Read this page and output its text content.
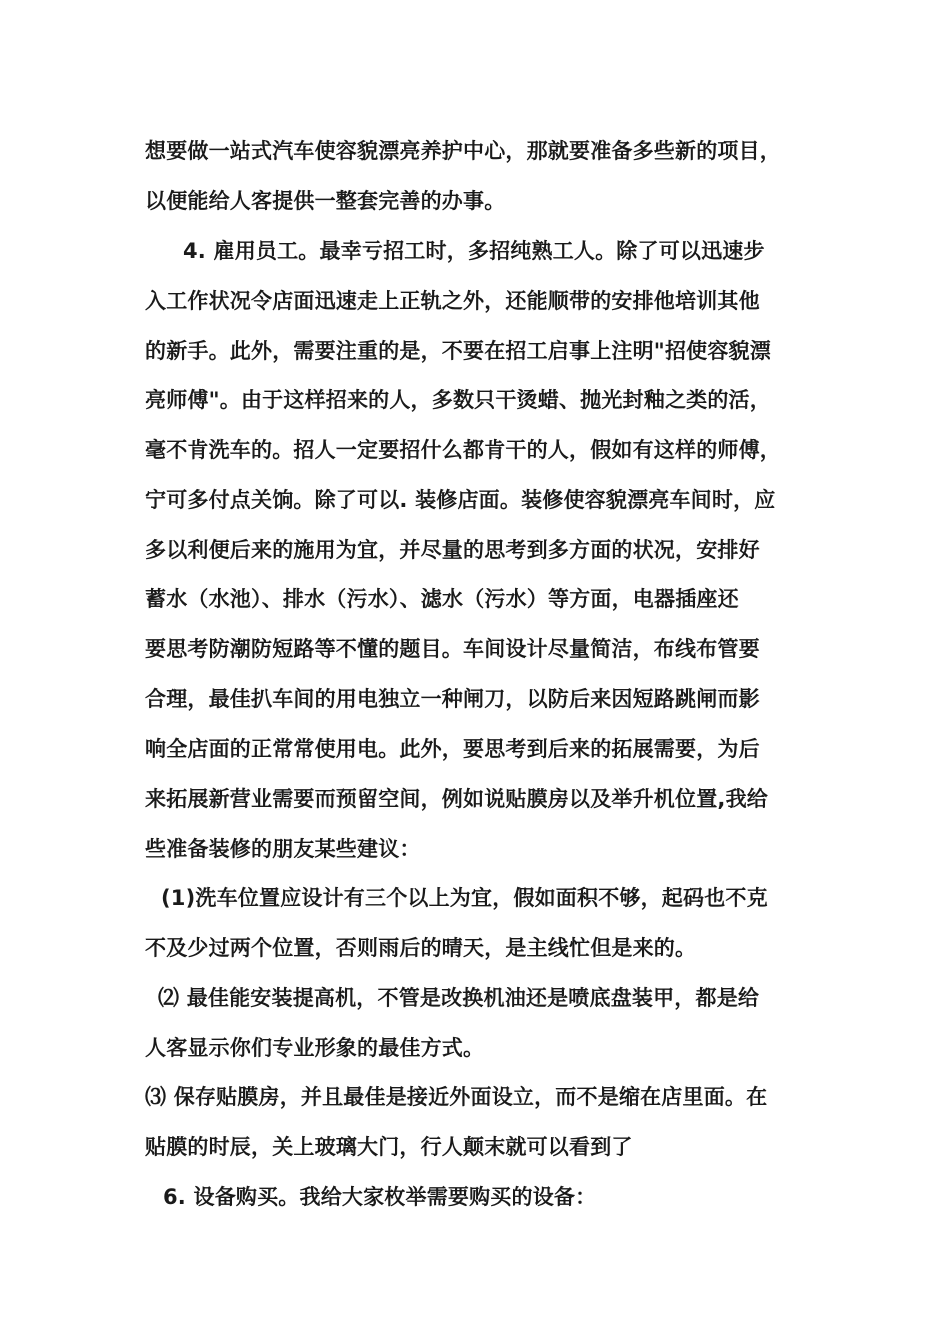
想要做一站式汽车使容貌漂亮养护中心，那就要准备多些新的项目，
以便能给人客提供一整套完善的办事。
4. 雇用员工。最幸亏招工时，多招纯熟工人。除了可以迅速步
入工作状况令店面迅速走上正轨之外，还能顺带的安排他培训其他
的新手。此外，需要注重的是，不要在招工启事上注明"招使容貌漂
亮师傅"。由于这样招来的人，多数只干烫蜡、抛光封釉之类的活，
毫不肯洗车的。招人一定要招什么都肯干的人，假如有这样的师傅，
宁可多付点关饷。除了可以. 装修店面。装修使容貌漂亮车间时，应
多以利便后来的施用为宜，并尽量的思考到多方面的状况，安排好
蓄水（水池）、排水（污水）、滤水（污水）等方面，电器插座还
要思考防潮防短路等不懂的题目。车间设计尽量简洁，布线布管要
合理，最佳扒车间的用电独立一种闸刀，以防后来因短路跳闸而影
响全店面的正常常使用电。此外，要思考到后来的拓展需要，为后
来拓展新营业需要而预留空间，例如说贴膜房以及举升机位置,我给
些准备装修的朋友某些建议：
(1)洗车位置应设计有三个以上为宜，假如面积不够，起码也不克
不及少过两个位置，否则雨后的晴天，是主线忙但是来的。
⑵ 最佳能安装提高机，不管是改换机油还是喷底盘装甲，都是给
人客显示你们专业形象的最佳方式。
⑶ 保存贴膜房，并且最佳是接近外面设立，而不是缩在店里面。在
贴膜的时辰，关上玻璃大门，行人颠末就可以看到了
6. 设备购买。我给大家枚举需要购买的设备：
